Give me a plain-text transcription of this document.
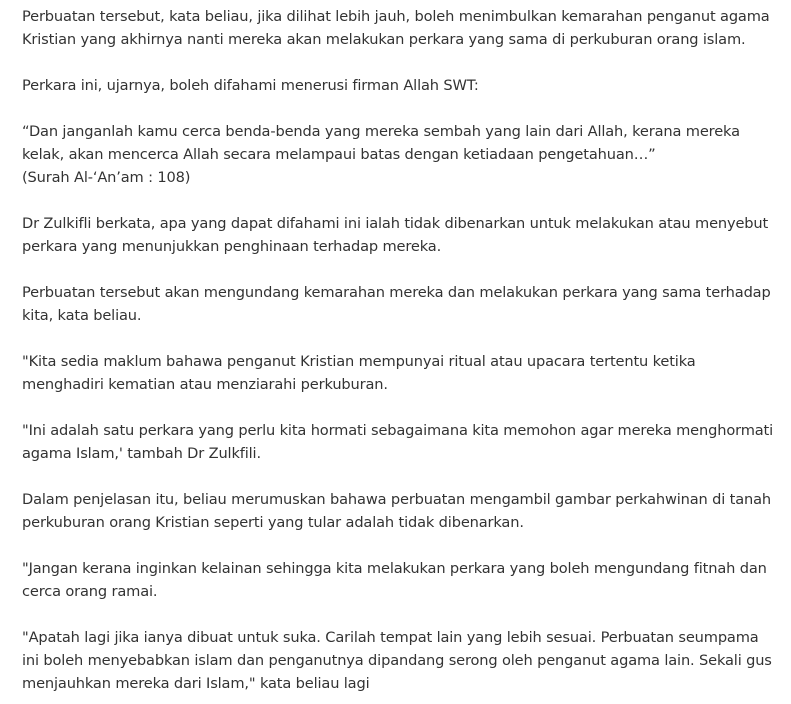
Perbuatan tersebut, kata beliau, jika dilihat lebih jauh, boleh menimbulkan kemarahan penganut agama Kristian yang akhirnya nanti mereka akan melakukan perkara yang sama di perkuburan orang islam.

Perkara ini, ujarnya, boleh difahami menerusi firman Allah SWT:

“Dan janganlah kamu cerca benda-benda yang mereka sembah yang lain dari Allah, kerana mereka kelak, akan mencerca Allah secara melampaui batas dengan ketiadaan pengetahuan…”
(Surah Al-‘An’am : 108)

Dr Zulkifli berkata, apa yang dapat difahami ini ialah tidak dibenarkan untuk melakukan atau menyebut perkara yang menunjukkan penghinaan terhadap mereka.

Perbuatan tersebut akan mengundang kemarahan mereka dan melakukan perkara yang sama terhadap kita, kata beliau.

"Kita sedia maklum bahawa penganut Kristian mempunyai ritual atau upacara tertentu ketika menghadiri kematian atau menziarahi perkuburan.

"Ini adalah satu perkara yang perlu kita hormati sebagaimana kita memohon agar mereka menghormati agama Islam,' tambah Dr Zulkfili.

Dalam penjelasan itu, beliau merumuskan bahawa perbuatan mengambil gambar perkahwinan di tanah perkuburan orang Kristian seperti yang tular adalah tidak dibenarkan.

"Jangan kerana inginkan kelainan sehingga kita melakukan perkara yang boleh mengundang fitnah dan cerca orang ramai.

"Apatah lagi jika ianya dibuat untuk suka. Carilah tempat lain yang lebih sesuai. Perbuatan seumpama ini boleh menyebabkan islam dan penganutnya dipandang serong oleh penganut agama lain. Sekali gus menjauhkan mereka dari Islam," kata beliau lagi
